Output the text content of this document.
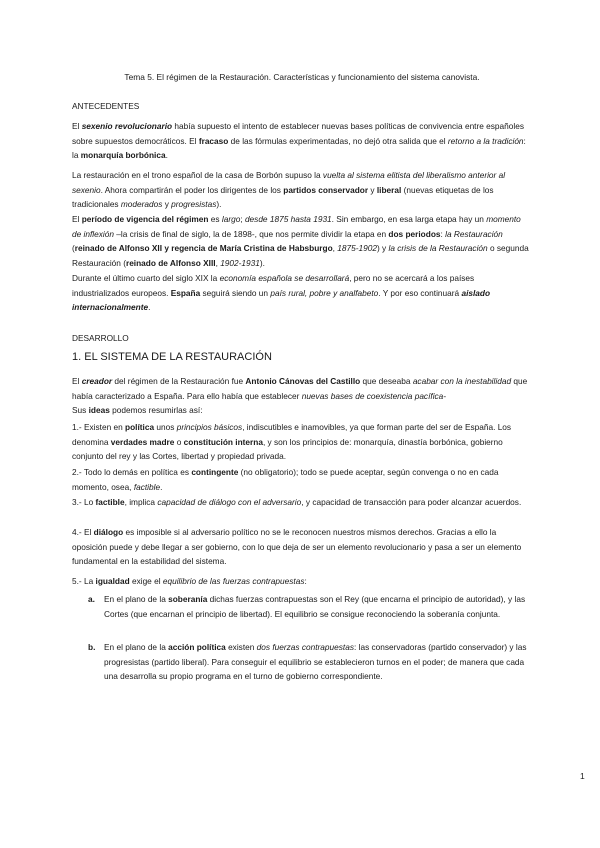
Tema 5. El régimen de la Restauración. Características y funcionamiento del sistema canovista.
ANTECEDENTES
El sexenio revolucionario había supuesto el intento de establecer nuevas bases políticas de convivencia entre españoles sobre supuestos democráticos. El fracaso de las fórmulas experimentadas, no dejó otra salida que el retorno a la tradición: la monarquía borbónica.
La restauración en el trono español de la casa de Borbón supuso la vuelta al sistema elitista del liberalismo anterior al sexenio. Ahora compartirán el poder los dirigentes de los partidos conservador y liberal (nuevas etiquetas de los tradicionales moderados y progresistas).
El período de vigencia del régimen es largo; desde 1875 hasta 1931. Sin embargo, en esa larga etapa hay un momento de inflexión –la crisis de final de siglo, la de 1898-, que nos permite dividir la etapa en dos periodos: la Restauración (reinado de Alfonso XII y regencia de María Cristina de Habsburgo, 1875-1902) y la crisis de la Restauración o segunda Restauración (reinado de Alfonso XIII, 1902-1931).
Durante el último cuarto del siglo XIX la economía española se desarrollará, pero no se acercará a los países industrializados europeos. España seguirá siendo un país rural, pobre y analfabeto. Y por eso continuará aislado internacionalmente.
DESARROLLO
1. EL SISTEMA DE LA RESTAURACIÓN
El creador del régimen de la Restauración fue Antonio Cánovas del Castillo que deseaba acabar con la inestabilidad que había caracterizado a España. Para ello había que establecer nuevas bases de coexistencia pacífica-
Sus ideas podemos resumirlas así:
1.- Existen en política unos principios básicos, indiscutibles e inamovibles, ya que forman parte del ser de España. Los denomina verdades madre o constitución interna, y son los principios de: monarquía, dinastía borbónica, gobierno conjunto del rey y las Cortes, libertad y propiedad privada.
2.- Todo lo demás en política es contingente (no obligatorio); todo se puede aceptar, según convenga o no en cada momento, osea, factible.
3.- Lo factible, implica capacidad de diálogo con el adversario, y capacidad de transacción para poder alcanzar acuerdos.
4.- El diálogo es imposible si al adversario político no se le reconocen nuestros mismos derechos. Gracias a ello la oposición puede y debe llegar a ser gobierno, con lo que deja de ser un elemento revolucionario y pasa a ser un elemento fundamental en la estabilidad del sistema.
5.- La igualdad exige el equilibrio de las fuerzas contrapuestas:
a. En el plano de la soberanía dichas fuerzas contrapuestas son el Rey (que encarna el principio de autoridad), y las Cortes (que encarnan el principio de libertad). El equilibrio se consigue reconociendo la soberanía conjunta.
b. En el plano de la acción política existen dos fuerzas contrapuestas: las conservadoras (partido conservador) y las progresistas (partido liberal). Para conseguir el equilibrio se establecieron turnos en el poder; de manera que cada una desarrolla su propio programa en el turno de gobierno correspondiente.
1
